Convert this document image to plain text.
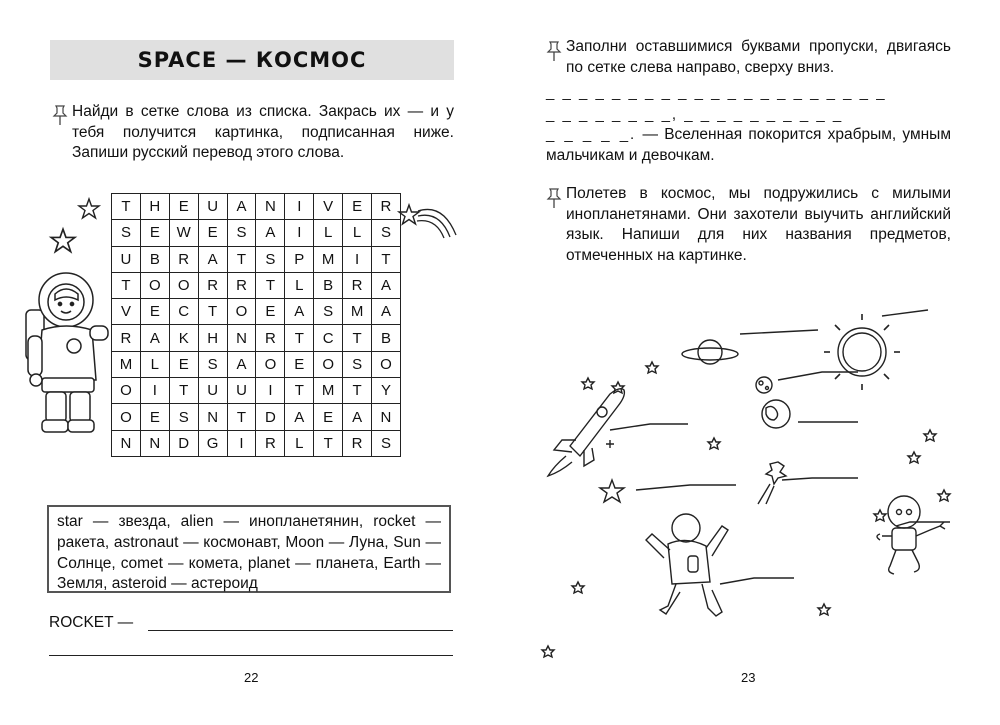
SPACE — КОСМОС
Найди в сетке слова из списка. Закрась их — и у тебя получится картинка, подписанная ниже. Запиши русский перевод этого слова.
T	H	E	U	A	N	I	V	E	R
S	E	W	E	S	A	I	L	L	S
U	B	R	A	T	S	P	M	I	T
T	O	O	R	R	T	L	B	R	A
V	E	C	T	O	E	A	S	M	A
R	A	K	H	N	R	T	C	T	B
M	L	E	S	A	O	E	O	S	O
O	I	T	U	U	I	T	M	T	Y
O	E	S	N	T	D	A	E	A	N
N	N	D	G	I	R	L	T	R	S
star — звезда, alien — инопланетянин, rocket — ракета, astronaut — космонавт, Moon — Луна, Sun — Солнце, comet — комета, planet — планета, Earth — Земля, asteroid — астероид
ROCKET —
22
Заполни оставшимися буквами пропуски, двигаясь по сетке слева направо, сверху вниз.
_ _ _ _ _ _ _ _ _ _ _ _ _ _ _ _ _ _ _ _ _
_ _ _ _ _ _ _ _, _ _ _ _ _ _ _ _ _ _
_ _ _ _ _. — Вселенная покорится храбрым, умным мальчикам и девочкам.
Полетев в космос, мы подружились с милыми инопланетянами. Они захотели выучить английский язык. Напиши для них названия предметов, отмеченных на картинке.
23
